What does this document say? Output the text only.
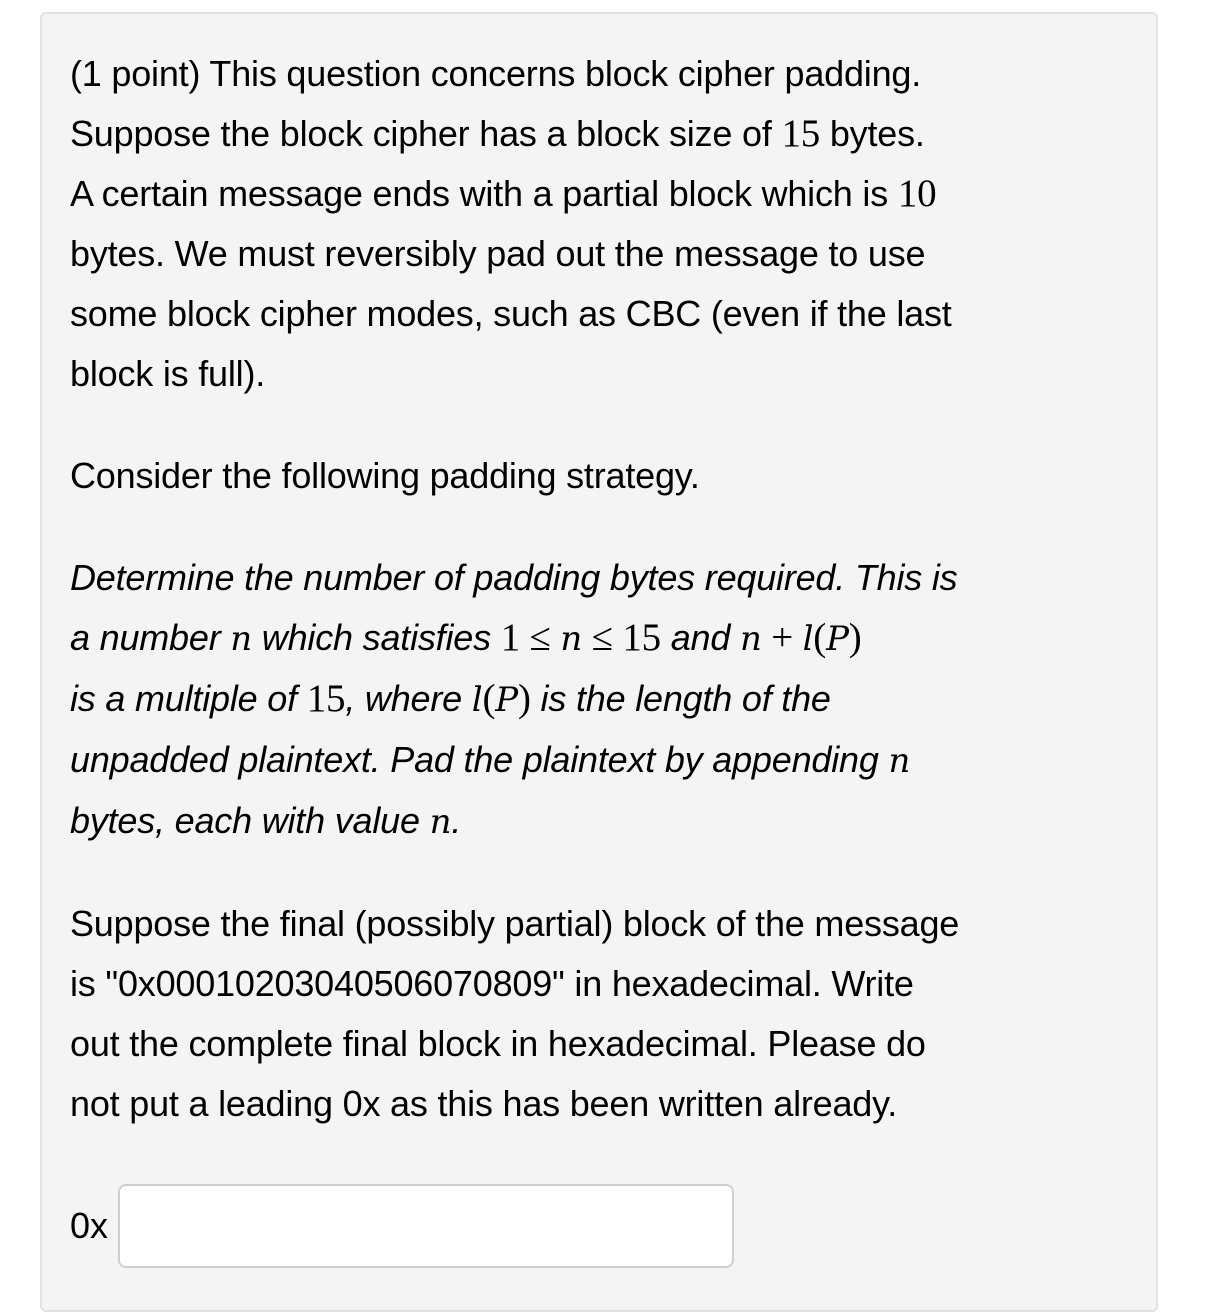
(1 point) This question concerns block cipher padding.
Suppose the block cipher has a block size of 15 bytes.
A certain message ends with a partial block which is 10
bytes. We must reversibly pad out the message to use
some block cipher modes, such as CBC (even if the last
block is full).
Consider the following padding strategy.
Determine the number of padding bytes required. This is
a number n which satisfies 1 ≤ n ≤ 15 and n + l(P)
is a multiple of 15, where l(P) is the length of the
unpadded plaintext. Pad the plaintext by appending n
bytes, each with value n.
Suppose the final (possibly partial) block of the message
is "0x00010203040506070809" in hexadecimal. Write
out the complete final block in hexadecimal. Please do
not put a leading 0x as this has been written already.
0x
